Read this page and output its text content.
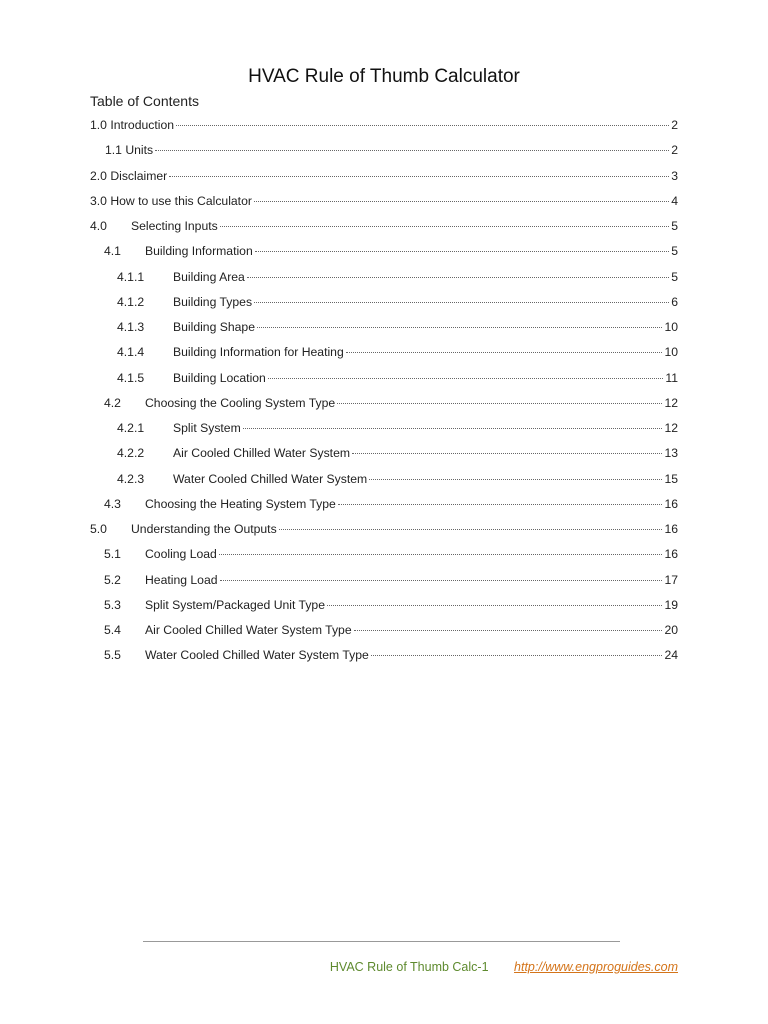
HVAC Rule of Thumb Calculator
Table of Contents
1.0 Introduction	2
1.1 Units	2
2.0 Disclaimer	3
3.0 How to use this Calculator	4
4.0	Selecting Inputs	5
4.1	Building Information	5
4.1.1	Building Area	5
4.1.2	Building Types	6
4.1.3	Building Shape	10
4.1.4	Building Information for Heating	10
4.1.5	Building Location	11
4.2	Choosing the Cooling System Type	12
4.2.1	Split System	12
4.2.2	Air Cooled Chilled Water System	13
4.2.3	Water Cooled Chilled Water System	15
4.3	Choosing the Heating System Type	16
5.0	Understanding the Outputs	16
5.1	Cooling Load	16
5.2	Heating Load	17
5.3	Split System/Packaged Unit Type	19
5.4	Air Cooled Chilled Water System Type	20
5.5	Water Cooled Chilled Water System Type	24
HVAC Rule of Thumb Calc-1 http://www.engproguides.com
